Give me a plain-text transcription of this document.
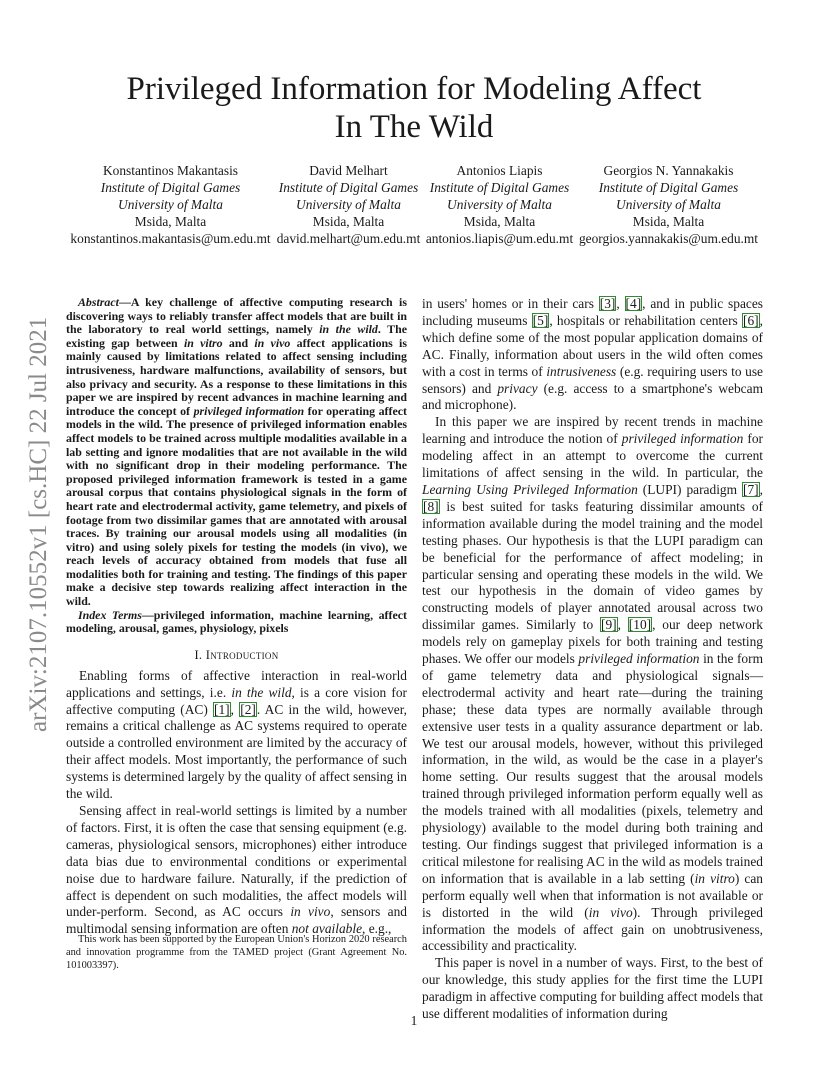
Privileged Information for Modeling Affect
In The Wild
Konstantinos Makantasis
Institute of Digital Games
University of Malta
Msida, Malta
konstantinos.makantasis@um.edu.mt
David Melhart
Institute of Digital Games
University of Malta
Msida, Malta
david.melhart@um.edu.mt
Antonios Liapis
Institute of Digital Games
University of Malta
Msida, Malta
antonios.liapis@um.edu.mt
Georgios N. Yannakakis
Institute of Digital Games
University of Malta
Msida, Malta
georgios.yannakakis@um.edu.mt
arXiv:2107.10552v1 [cs.HC] 22 Jul 2021

Abstract—A key challenge of affective computing research is discovering ways to reliably transfer affect models that are built in the laboratory to real world settings, namely in the wild. The existing gap between in vitro and in vivo affect applications is mainly caused by limitations related to affect sensing including intrusiveness, hardware malfunctions, availability of sensors, but also privacy and security. As a response to these limitations in this paper we are inspired by recent advances in machine learning and introduce the concept of privileged information for operating affect models in the wild. The presence of privileged information enables affect models to be trained across multiple modalities available in a lab setting and ignore modalities that are not available in the wild with no significant drop in their modeling performance. The proposed privileged information framework is tested in a game arousal corpus that contains physiological signals in the form of heart rate and electrodermal activity, game telemetry, and pixels of footage from two dissimilar games that are annotated with arousal traces. By training our arousal models using all modalities (in vitro) and using solely pixels for testing the models (in vivo), we reach levels of accuracy obtained from models that fuse all modalities both for training and testing. The findings of this paper make a decisive step towards realizing affect interaction in the wild.

Index Terms—privileged information, machine learning, affect modeling, arousal, games, physiology, pixels

I. Introduction

Enabling forms of affective interaction in real-world applications and settings, i.e. in the wild, is a core vision for affective computing (AC) [1], [2]. AC in the wild, however, remains a critical challenge as AC systems required to operate outside a controlled environment are limited by the accuracy of their affect models. Most importantly, the performance of such systems is determined largely by the quality of affect sensing in the wild.

Sensing affect in real-world settings is limited by a number of factors. First, it is often the case that sensing equipment (e.g. cameras, physiological sensors, microphones) either introduce data bias due to environmental conditions or experimental noise due to hardware failure. Naturally, if the prediction of affect is dependent on such modalities, the affect models will under-perform. Second, as AC occurs in vivo, sensors and multimodal sensing information are often not available, e.g.,

This work has been supported by the European Union's Horizon 2020 research and innovation programme from the TAMED project (Grant Agreement No. 101003397).

in users' homes or in their cars [3], [4], and in public spaces including museums [5], hospitals or rehabilitation centers [6], which define some of the most popular application domains of AC. Finally, information about users in the wild often comes with a cost in terms of intrusiveness (e.g. requiring users to use sensors) and privacy (e.g. access to a smartphone's webcam and microphone).

In this paper we are inspired by recent trends in machine learning and introduce the notion of privileged information for modeling affect in an attempt to overcome the current limitations of affect sensing in the wild. In particular, the Learning Using Privileged Information (LUPI) paradigm [7], [8] is best suited for tasks featuring dissimilar amounts of information available during the model training and the model testing phases. Our hypothesis is that the LUPI paradigm can be beneficial for the performance of affect modeling; in particular sensing and operating these models in the wild. We test our hypothesis in the domain of video games by constructing models of player annotated arousal across two dissimilar games. Similarly to [9], [10], our deep network models rely on gameplay pixels for both training and testing phases. We offer our models privileged information in the form of game telemetry data and physiological signals—electrodermal activity and heart rate—during the training phase; these data types are normally available through extensive user tests in a quality assurance department or lab. We test our arousal models, however, without this privileged information, in the wild, as would be the case in a player's home setting. Our results suggest that the arousal models trained through privileged information perform equally well as the models trained with all modalities (pixels, telemetry and physiology) available to the model during both training and testing. Our findings suggest that privileged information is a critical milestone for realising AC in the wild as models trained on information that is available in a lab setting (in vitro) can perform equally well when that information is not available or is distorted in the wild (in vivo). Through privileged information the models of affect gain on unobtrusiveness, accessibility and practicality.

This paper is novel in a number of ways. First, to the best of our knowledge, this study applies for the first time the LUPI paradigm in affective computing for building affect models that use different modalities of information during

1
